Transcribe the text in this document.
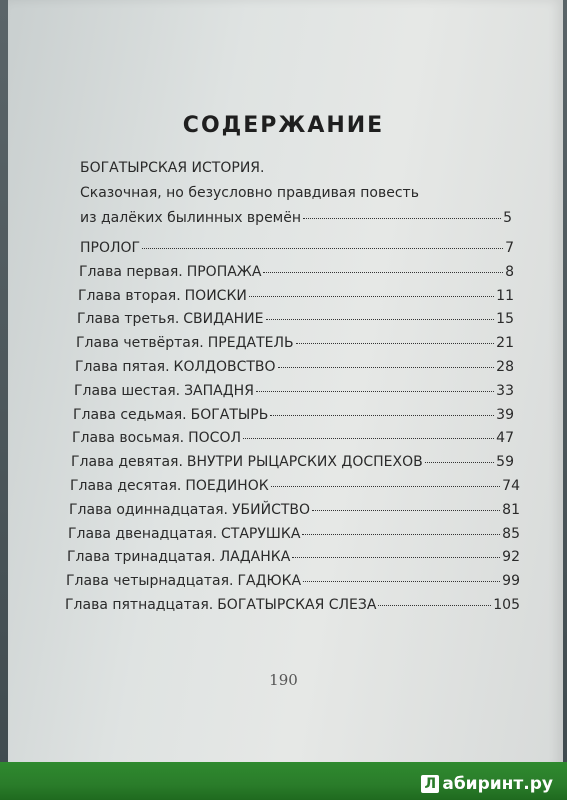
СОДЕРЖАНИЕ
БОГАТЫРСКАЯ ИСТОРИЯ.
Сказочная, но безусловно правдивая повесть
из далёких былинных времён	5
ПРОЛОГ	7
Глава первая. ПРОПАЖА	8
Глава вторая. ПОИСКИ	11
Глава третья. СВИДАНИЕ	15
Глава четвёртая. ПРЕДАТЕЛЬ	21
Глава пятая. КОЛДОВСТВО	28
Глава шестая. ЗАПАДНЯ	33
Глава седьмая. БОГАТЫРЬ	39
Глава восьмая. ПОСОЛ	47
Глава девятая. ВНУТРИ РЫЦАРСКИХ ДОСПЕХОВ	59
Глава десятая. ПОЕДИНОК	74
Глава одиннадцатая. УБИЙСТВО	81
Глава двенадцатая. СТАРУШКА	85
Глава тринадцатая. ЛАДАНКА	92
Глава четырнадцатая. ГАДЮКА	99
Глава пятнадцатая. БОГАТЫРСКАЯ СЛЕЗА	105
190
Л абиринт.ру
